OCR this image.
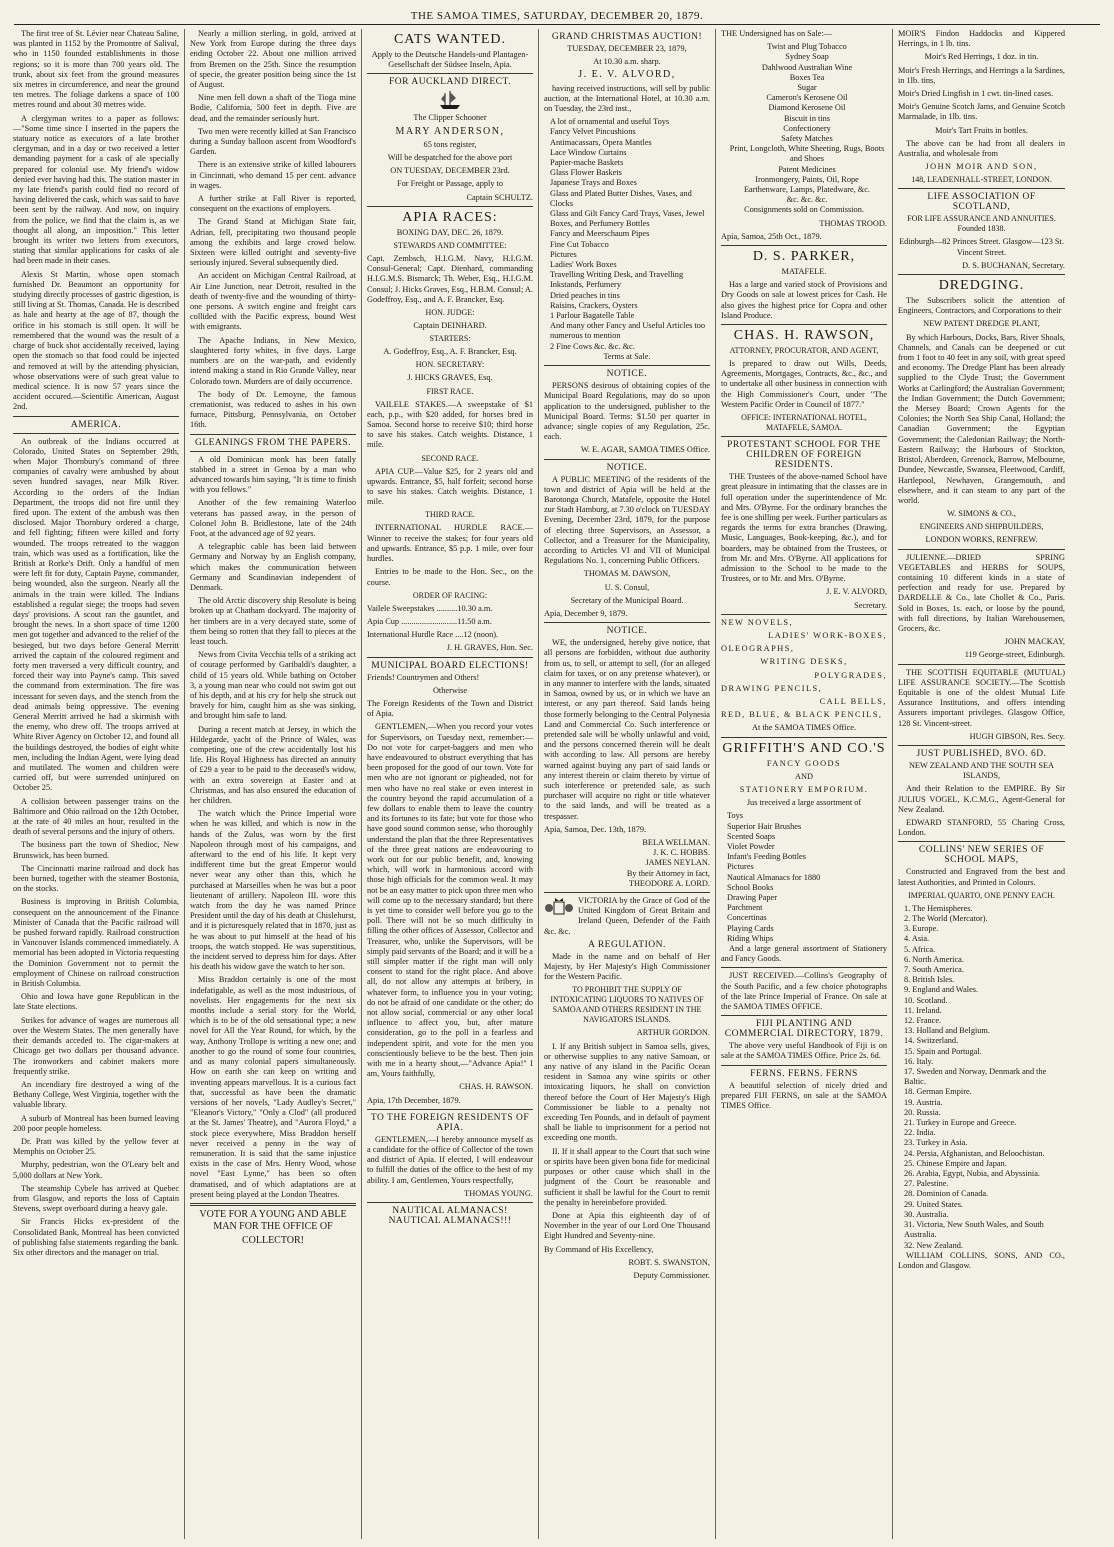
THE SAMOA TIMES, SATURDAY, DECEMBER 20, 1879.

The first tree of St. Lévier near Chateau Saline, was planted in 1152 by the Promontre of Salival, who in 1150 founded establishments in those regions; so it is more than 700 years old. The trunk, about six feet from the ground measures six metres in circumference, and near the ground ten metres. The foliage darkens a space of 100 metres round and about 30 metres wide.

A clergyman writes to a paper as follows:—"Some time since I inserted in the papers the statuary notice as executors of a late brother clergyman, and in a day or two received a letter demanding payment for a cask of ale specially prepared for colonial use. My friend's widow denied ever having had this. The station master in my late friend's parish could find no record of having delivered the cask, which was said to have been sent by the railway. And now, on inquiry from the police, we find that the claim is, as we thought all along, an imposition." This letter brought its writer two letters from executors, stating that similar applications for casks of ale had been made in their cases.

Alexis St Martin, whose open stomach furnished Dr. Beaumont an opportunity for studying directly processes of gastric digestion, is still living at St. Thomas, Canada. He is described as hale and hearty at the age of 87, though the orifice in his stomach is still open. It will be remembered that the wound was the result of a charge of buck shot accidentally received, laying open the stomach so that food could be injected and removed at will by the attending physician, whose observations were of such great value to medical science. It is now 57 years since the accident occured.—Scientific American, August 2nd.

AMERICA.

An outbreak of the Indians occurred at Colorado, United States on September 29th, when Major Thornbury's command of three companies of cavalry were ambushed by about seven hundred savages, near Milk River. According to the orders of the Indian Department, the troops did not fire until they fired upon. The extent of the ambush was then disclosed. Major Thornbury ordered a charge, and fell fighting; fifteen were killed and forty wounded. The troops retreated to the waggon train, which was used as a fortification, like the British at Rorke's Drift. Only a handful of men were left fit for duty, Captain Payne, commander, being wounded, also the surgeon. Nearly all the animals in the train were killed. The Indians established a regular siege; the troops had seven days' provisions. A scout ran the gauntlet, and brought the news. In a short space of time 1200 men got together and advanced to the relief of the besieged, but two days before General Merritt arrived the captain of the coloured regiment and forty men traversed a very difficult country, and forced their way into Payne's camp. This saved the command from extermination. The fire was incessant for seven days, and the stench from the dead animals being oppressive. The evening General Merritt arrived he had a skirmish with the enemy, who drew off. The troops arrived at White River Agency on October 12, and found all the buildings destroyed, the bodies of eight white men, including the Indian Agent, were lying dead and mutilated. The women and children were carried off, but were surrended uninjured on October 25.

A collision between passenger trains on the Baltimore and Ohio railroad on the 12th October, at the rate of 40 miles an hour, resulted in the death of several persons and the injury of others.

The business part the town of Shedioc, New Brunswick, has been burned.

The Cincinnatti marine railroad and dock has been burned, together with the steamer Bostonia, on the stocks.

Business is improving in British Columbia, consequent on the announcement of the Finance Minister of Canada that the Pacific railroad will be pushed forward rapidly. Railroad construction in Vancouver Islands commenced immediately. A memorial has been adopted in Victoria requesting the Dominion Government not to permit the employment of Chinese on railroad construction in British Columbia.

Ohio and Iowa have gone Republican in the late State elections.

Strikes for advance of wages are numerous all over the Western States. The men generally have their demands acceded to. The cigar-makers at Chicago get two dollars per thousand advance. The ironworkers and cabinet makers more frequently strike.

An incendiary fire destroyed a wing of the Bethany College, West Virginia, together with the valuable library.

A suburb of Montreal has been burned leaving 200 poor people homeless.

Dr. Pratt was killed by the yellow fever at Memphis on October 25.

Murphy, pedestrian, won the O'Leary belt and 5,000 dollars at New York.

The steamship Cybele has arrived at Quebec from Glasgow, and reports the loss of Captain Stevens, swept overboard during a heavy gale.

Sir Francis Hicks ex-president of the Consolidated Bank, Montreal has been convicted of publishing false statements regarding the bank. Six other directors and the manager on trial.

Nearly a million sterling, in gold, arrived at New York from Europe during the three days ending October 22. About one million arrived from Bremen on the 25th. Since the resumption of specie, the greater position being since the 1st of August.

Nine men fell down a shaft of the Tioga mine Bodie, California, 500 feet in depth. Five are dead, and the remainder seriously hurt.

Two men were recently killed at San Francisco during a Sunday balloon ascent from Woodford's Garden.

There is an extensive strike of killed labourers in Cincinnati, who demand 15 per cent. advance in wages.

A further strike at Fall River is reported, consequent on the exactions of employers.

The Grand Stand at Michigan State fair, Adrian, fell, precipitating two thousand people among the exhibits and large crowd below. Sixteen were killed outright and seventy-five seriously injured. Several subsequently died.

An accident on Michigan Central Railroad, at Air Line Junction, near Detroit, resulted in the death of twenty-five and the wounding of thirty-one persons. A switch engine and freight cars collided with the Pacific express, bound West with emigrants.

The Apache Indians, in New Mexico, slaughtered forty whites, in five days. Large numbers are on the war-path, and evidently intend making a stand in Rio Grande Valley, near Colorado town. Murders are of daily occurrence.

The body of Dr. Lemoyne, the famous cremationist, was reduced to ashes in his own furnace, Pittsburg, Pennsylvania, on October 16th.

GLEANINGS FROM THE PAPERS.

A old Dominican monk has been fatally stabbed in a street in Genoa by a man who advanced towards him saying, "It is time to finish with you fellows."

Another of the few remaining Waterloo veterans has passed away, in the person of Colonel John B. Bridlestone, late of the 24th Foot, at the advanced age of 92 years.

A telegraphic cable has been laid between Germany and Norway by an English company, which makes the communication between Germany and Scandinavian independent of Denmark.

The old Arctic discovery ship Resolute is being broken up at Chatham dockyard. The majority of her timbers are in a very decayed state, some of them being so rotten that they fall to pieces at the least touch.

News from Civita Vecchia tells of a striking act of courage performed by Garibaldi's daughter, a child of 15 years old. While bathing on October 3, a young man near who could not swim got out of his depth, and at his cry for help she struck out bravely for him, caught him as she was sinking, and brought him safe to land.

During a recent match at Jersey, in which the Hildegarde, yacht of the Prince of Wales, was competing, one of the crew accidentally lost his life. His Royal Highness has directed an annuity of £29 a year to be paid to the deceased's widow, with an extra sovereign at Easter and at Christmas, and has also ensured the education of her children.

The watch which the Prince Imperial wore when he was killed, and which is now in the hands of the Zulus, was worn by the first Napoleon through most of his campaigns, and afterward to the end of his life. It kept very indifferent time but the great Emperor would never wear any other than this, which he purchased at Marseilles when he was but a poor lieutenant of artillery. Napoleon III. wore this watch from the day he was named Prince President until the day of his death at Chislehurst, and it is picturesquely related that in 1870, just as he was about to put himself at the head of his troops, the watch stopped. He was superstitious, the incident served to depress him for days. After his death his widow gave the watch to her son.

Miss Braddon certainly is one of the most indefatigable, as well as the most industrious, of novelists. Her engagements for the next six months include a serial story for the World, which is to be of the old sensational type; a new novel for All the Year Round, for which, by the way, Anthony Trollope is writing a new one; and another to go the round of some four countries, and as many colonial papers simultaneously. How on earth she can keep on writing and inventing appears marvellous. It is a curious fact that, successful as have been the dramatic versions of her novels, "Lady Audley's Secret," "Eleanor's Victory," "Only a Clod" (all produced at the St. James' Theatre), and "Aurora Floyd," a stock piece everywhere, Miss Braddon herself never received a penny in the way of remuneration. It is said that the same injustice exists in the case of Mrs. Henry Wood, whose novel "East Lynne," has been so often dramatised, and of which adaptations are at present being played at the London Theatres.

VOTE FOR A YOUNG AND ABLE MAN FOR THE OFFICE OF

COLLECTOR!

CATS WANTED.

Apply to the Deutsche Handels-und Plantagen-Gesellschaft der Südsee Inseln, Apia.

FOR AUCKLAND DIRECT.

The Clipper Schooner

MARY ANDERSON,

65 tons register,

Will be despatched for the above port

ON TUESDAY, DECEMBER 23rd.

For Freight or Passage, apply to

Captain SCHULTZ.

APIA RACES:

BOXING DAY, DEC. 26, 1879.

STEWARDS AND COMMITTEE:

Capt. Zembsch, H.I.G.M. Navy, H.I.G.M. Consul-General; Capt. Dienhard, commanding H.I.G.M.S. Bismarck; Th. Weber, Esq., H.I.G.M. Consul; J. Hicks Graves, Esq., H.B.M. Consul; A. Godeffroy, Esq., and A. F. Brancker, Esq.

HON. JUDGE:

Captain DEINHARD.

STARTERS:

A. Godeffroy, Esq., A. F. Brancker, Esq.

HON. SECRETARY:

J. HICKS GRAVES, Esq.

FIRST RACE.

VAILELE STAKES.—A sweepstake of $1 each, p.p., with $20 added, for horses bred in Samoa. Second horse to receive $10; third horse to save his stakes. Catch weights. Distance, 1 mile.

SECOND RACE.

APIA CUP.—Value $25, for 2 years old and upwards. Entrance, $5, half forfeit; second horse to save his stakes. Catch weights. Distance, 1 mile.

THIRD RACE.

INTERNATIONAL HURDLE RACE.—Winner to receive the stakes; for four years old and upwards. Entrance, $5 p.p. 1 mile, over four hurdles.

Entries to be made to the Hon. Sec., on the course.

ORDER OF RACING:

Vailele Sweepstakes ..........10.30 a.m.

Apia Cup ...........................11.50 a.m.

International Hurdle Race ....12 (noon).

J. H. GRAVES, Hon. Sec.

MUNICIPAL BOARD ELECTIONS!

Friends! Countrymen and Others!

Otherwise

The Foreign Residents of the Town and District of Apia.

GENTLEMEN,—When you record your votes for Supervisors, on Tuesday next, remember:— Do not vote for carpet-baggers and men who have endeavoured to obstruct everything that has been proposed for the good of our town. Vote for men who are not ignorant or pigheaded, not for men who have no real stake or even interest in the country beyond the rapid accumulation of a few dollars to enable them to leave the country and its fortunes to its fate; but vote for those who have good sound common sense, who thoroughly understand the plan that the three Representatives of the three great nations are endeavouring to work out for our public benefit, and, knowing which, will work in harmonious accord with those high officials for the common weal. It may not be an easy matter to pick upon three men who will come up to the necessary standard; but there is yet time to consider well before you go to the poll. There will not be so much difficulty in filling the other offices of Assessor, Collector and Treasurer, who, unlike the Supervisors, will be simply paid servants of the Board; and it will be a still simpler matter if the right man will only consent to stand for the right place. And above all, do not allow any attempts at bribery, in whatever form, to influence you in your voting; do not be afraid of one candidate or the other; do not allow social, commercial or any other local influence to affect you, but, after mature consideration, go to the poll in a fearless and independent spirit, and vote for the men you conscientiously believe to be the best. Then join with me in a hearty shout,—"Advance Apia!" I am, Yours faithfully,

CHAS. H. RAWSON.

Apia, 17th December, 1879.

TO THE FOREIGN RESIDENTS OF APIA.

GENTLEMEN,—I hereby announce myself as a candidate for the office of Collector of the town and district of Apia. If elected, I will endeavour to fulfill the duties of the office to the best of my ability. I am, Gentlemen, Yours respectfully,

THOMAS YOUNG.

NAUTICAL ALMANACS! NAUTICAL ALMANACS!!!
GRAND CHRISTMAS AUCTION!

TUESDAY, DECEMBER 23, 1879,

At 10.30 a.m. sharp.

J. E. V. ALVORD,

having received instructions, will sell by public auction, at the International Hotel, at 10.30 a.m. on Tuesday, the 23rd inst.,

A lot of ornamental and useful Toys
Fancy Velvet Pincushions
Antimacassars, Opera Mantles
Lace Window Curtains
Papier-mache Baskets
Glass Flower Baskets
Japanese Trays and Boxes
Glass and Plated Butter Dishes, Vases, and Clocks
Glass and Gilt Fancy Card Trays, Vases, Jewel Boxes, and Perfumery Bottles
Fancy and Meerschaum Pipes
Fine Cut Tobacco
Pictures
Ladies' Work Boxes
Travelling Writing Desk, and Travelling Inkstands, Perfumery
Dried peaches in tins
Raisins, Crackers, Oysters
1 Parlour Bagatelle Table
And many other Fancy and Useful Articles too numerous to mention
2 Fine Cows &c. &c. &c.

Terms at Sale.

NOTICE.

PERSONS desirous of obtaining copies of the Municipal Board Regulations, may do so upon application to the undersigned, publisher to the Municipal Board. Terms: $1.50 per quarter in advance; single copies of any Regulation, 25c. each.

W. E. AGAR, SAMOA TIMES Office.

NOTICE.

A PUBLIC MEETING of the residents of the town and district of Apia will be held at the Barotonga Church, Matafele, opposite the Hotel zur Stadt Hamburg, at 7.30 o'clock on TUESDAY Evening, December 23rd, 1879, for the purpose of electing three Supervisors, an Assessor, a Collector, and a Treasurer for the Municipality, according to Articles VI and VII of Municipal Regulations No. 1, concerning Public Officers.

THOMAS M. DAWSON,

U. S. Consul,

Secretary of the Municipal Board.

Apia, December 9, 1879.

NOTICE.

WE, the undersigned, hereby give notice, that all persons are forbidden, without due authority from us, to sell, or attempt to sell, (for an alleged claim for taxes, or on any pretense whatever), or in any manner to interfere with the lands, situated in Samoa, owned by us, or in which we have an interest, or any part thereof. Said lands being those formerly belonging to the Central Polynesia Land and Commercial Co. Such interference or pretended sale will be wholly unlawful and void, and the persons concerned therein will be dealt with according to law. All persons are hereby warned against buying any part of said lands or any interest therein or claim thereto by virtue of such interference or pretended sale, as such purchaser will acquire no right or title whatever to the said lands, and will be treated as a trespasser.

Apia, Samoa, Dec. 13th, 1879.

BELA WELLMAN.
J. K. C. HOBBS.
JAMES NEYLAN.
By their Attorney in fact,
THEODORE A. LORD.

VICTORIA by the Grace of God of the United Kingdom of Great Britain and Ireland Queen, Defender of the Faith &c. &c.

A REGULATION.

Made in the name and on behalf of Her Majesty, by Her Majesty's High Commissioner for the Western Pacific.

TO PROHIBIT THE SUPPLY OF INTOXICATING LIQUORS TO NATIVES OF SAMOA AND OTHERS RESIDENT IN THE NAVIGATORS ISLANDS.

ARTHUR GORDON.

I. If any British subject in Samoa sells, gives, or otherwise supplies to any native Samoan, or any native of any island in the Pacific Ocean resident in Samoa any wine spirits or other intoxicating liquors, he shall on conviction thereof before the Court of Her Majesty's High Commissioner be liable to a penalty not exceeding Ten Pounds, and in default of payment shall be liable to imprisonment for a period not exceeding one month.

II. If it shall appear to the Court that such wine or spirits have been given bona fide for medicinal purposes or other cause which shall in the judgment of the Court be reasonable and sufficient it shall be lawful for the Court to remit the penalty in hereinbefore provided.

Done at Apia this eighteenth day of of November in the year of our Lord One Thousand Eight Hundred and Seventy-nine.

By Command of His Excellency,

ROBT. S. SWANSTON,

Deputy Commissioner.

THE Undersigned has on Sale:—

Twist and Plug Tobacco
Sydney Soap
Dahlwood Australian Wine
Boxes Tea
Sugar
Cameron's Kerosene Oil
Diamond Kerosene Oil
Biscuit in tins
Confectionery
Safety Matches
Print, Longcloth, White Sheeting, Rugs, Boots and Shoes
Patent Medicines
Ironmongery, Paints, Oil, Rope
Earthenware, Lamps, Platedware, &c.
&c. &c. &c.

Consignments sold on Commission.

THOMAS TROOD.

Apia, Samoa, 25th Oct., 1879.

D. S. PARKER,

MATAFELE.

Has a large and varied stock of Provisions and Dry Goods on sale at lowest prices for Cash. He also gives the highest price for Copra and other Island Produce.

CHAS. H. RAWSON,

ATTORNEY, PROCURATOR, AND AGENT,

Is prepared to draw out Wills, Deeds, Agreements, Mortgages, Contracts, &c., &c., and to undertake all other business in connection with the High Commissioner's Court, under "The Western Pacific Order in Council of 1877."

OFFICE: INTERNATIONAL HOTEL, MATAFELE, SAMOA.

PROTESTANT SCHOOL FOR THE CHILDREN OF FOREIGN RESIDENTS.

THE Trustees of the above-named School have great pleasure in intimating that the classes are in full operation under the superintendence of Mr. and Mrs. O'Byrne. For the ordinary branches the fee is one shilling per week. Further particulars as regards the terms for extra branches (Drawing, Music, Languages, Book-keeping, &c.), and for boarders, may be obtained from the Trustees, or from Mr. and Mrs. O'Byrne. All applications for admission to the School to be made to the Trustees, or to Mr. and Mrs. O'Byrne.

J. E. V. ALVORD,

Secretary.

NEW NOVELS,

LADIES' WORK-BOXES,

OLEOGRAPHS,

WRITING DESKS,

POLYGRADES,

DRAWING PENCILS,

CALL BELLS,

RED, BLUE, & BLACK PENCILS,

At the SAMOA TIMES Office.

GRIFFITH'S AND CO.'S

FANCY GOODS

AND

STATIONERY EMPORIUM.

Jus treceived a large assortment of

Toys
Superior Hair Brushes
Scented Soaps
Violet Powder
Infant's Feeding Bottles
Pictures
Nautical Almanacs for 1880
School Books
Drawing Paper
Parchment
Concertinas
Playing Cards
Riding Whips

And a large general assortment of Stationery and Fancy Goods.

JUST RECEIVED.—Collins's Geography of the South Pacific, and a few choice photographs of the late Prince Imperial of France. On sale at the SAMOA TIMES OFFICE.

FIJI PLANTING AND COMMERCIAL DIRECTORY, 1879.

The above very useful Handbook of Fiji is on sale at the SAMOA TIMES Office. Price 2s. 6d.

FERNS. FERNS. FERNS

A beautiful selection of nicely dried and prepared FIJI FERNS, on sale at the SAMOA TIMES Office.

MOIR'S Findon Haddocks and Kippered Herrings, in 1 lb. tins.

Moir's Red Herrings, 1 doz. in tin.

Moir's Fresh Herrings, and Herrings a la Sardines, in 1lb. tins,

Moir's Dried Lingfish in 1 cwt. tin-lined cases.

Moir's Genuine Scotch Jams, and Genuine Scotch Marmalade, in 1lb. tins.

Moir's Tart Fruits in bottles.

The above can be had from all dealers in Australia, and wholesale from

JOHN MOIR AND SON,

148, LEADENHALL-STREET, LONDON.

LIFE ASSOCIATION OF SCOTLAND,

FOR LIFE ASSURANCE AND ANNUITIES. Founded 1838.

Edinburgh—82 Princes Street. Glasgow—123 St. Vincent Street.

D. S. BUCHANAN, Secretary.

DREDGING.

The Subscribers solicit the attention of Engineers, Contractors, and Corporations to their

NEW PATENT DREDGE PLANT,

By which Harbours, Docks, Bars, River Shoals, Channels, and Canals can be deepened or cut from 1 foot to 40 feet in any soil, with great speed and economy. The Dredge Plant has been already supplied to the Clyde Trust; the Government Works at Carlingford; the Australian Government; the Indian Government; the Dutch Government; the Mersey Board; Crown Agents for the Colonies; the North Sea Ship Canal, Holland; the Canadian Government; the Egyptian Government; the Caledonian Railway; the North-Eastern Railway; the Harbours of Stockton, Bristol, Aberdeen, Greenock, Barrow, Melbourne, Dundee, Newcastle, Swansea, Fleetwood, Cardiff, Hartlepool, Newhaven, Grangemouth, and elsewhere, and it can steam to any part of the world.

W. SIMONS & CO.,

ENGINEERS AND SHIPBUILDERS,

LONDON WORKS, RENFREW.

JULIENNE.—DRIED SPRING VEGETABLES and HERBS for SOUPS, containing 10 different kinds in a state of perfection and ready for use. Prepared by DARDELLE & Co., late Chollet & Co., Paris. Sold in Boxes, 1s. each, or loose by the pound, with full directions, by Italian Warehousemen, Grocers, &c.

JOHN MACKAY,

119 George-street, Edinburgh.

THE SCOTTISH EQUITABLE (MUTUAL) LIFE ASSURANCE SOCIETY.—The Scottish Equitable is one of the oldest Mutual Life Assurance Institutions, and offers intending Assurers important privileges. Glasgow Office, 128 St. Vincent-street.

HUGH GIBSON, Res. Secy.

JUST PUBLISHED, 8VO. 6D.

NEW ZEALAND AND THE SOUTH SEA ISLANDS,

And their Relation to the EMPIRE. By Sir JULIUS VOGEL, K.C.M.G., Agent-General for New Zealand.

EDWARD STANFORD, 55 Charing Cross, London.

COLLINS' NEW SERIES OF SCHOOL MAPS,

Constructed and Engraved from the best and latest Authorities, and Printed in Colours.

IMPERIAL QUARTO, ONE PENNY EACH.

1. The Hemispheres.
2. The World (Mercator).
3. Europe.
4. Asia.
5. Africa.
6. North America.
7. South America.
8. British Isles.
9. England and Wales.
10. Scotland.
11. Ireland.
12. France.
13. Holland and Belgium.
14. Switzerland.
15. Spain and Portugal.
16. Italy.
17. Sweden and Norway, Denmark and the Baltic.
18. German Empire.
19. Austria.
20. Russia.
21. Turkey in Europe and Greece.
22. India.
23. Turkey in Asia.
24. Persia, Afghanistan, and Beloochistan.
25. Chinese Empire and Japan.
26. Arabia, Egypt, Nubia, and Abyssinia.
27. Palestine.
28. Dominion of Canada.
29. United States.
30. Australia.
31. Victoria, New South Wales, and South Australia.
32. New Zealand.

WILLIAM COLLINS, SONS, AND CO., London and Glasgow.
